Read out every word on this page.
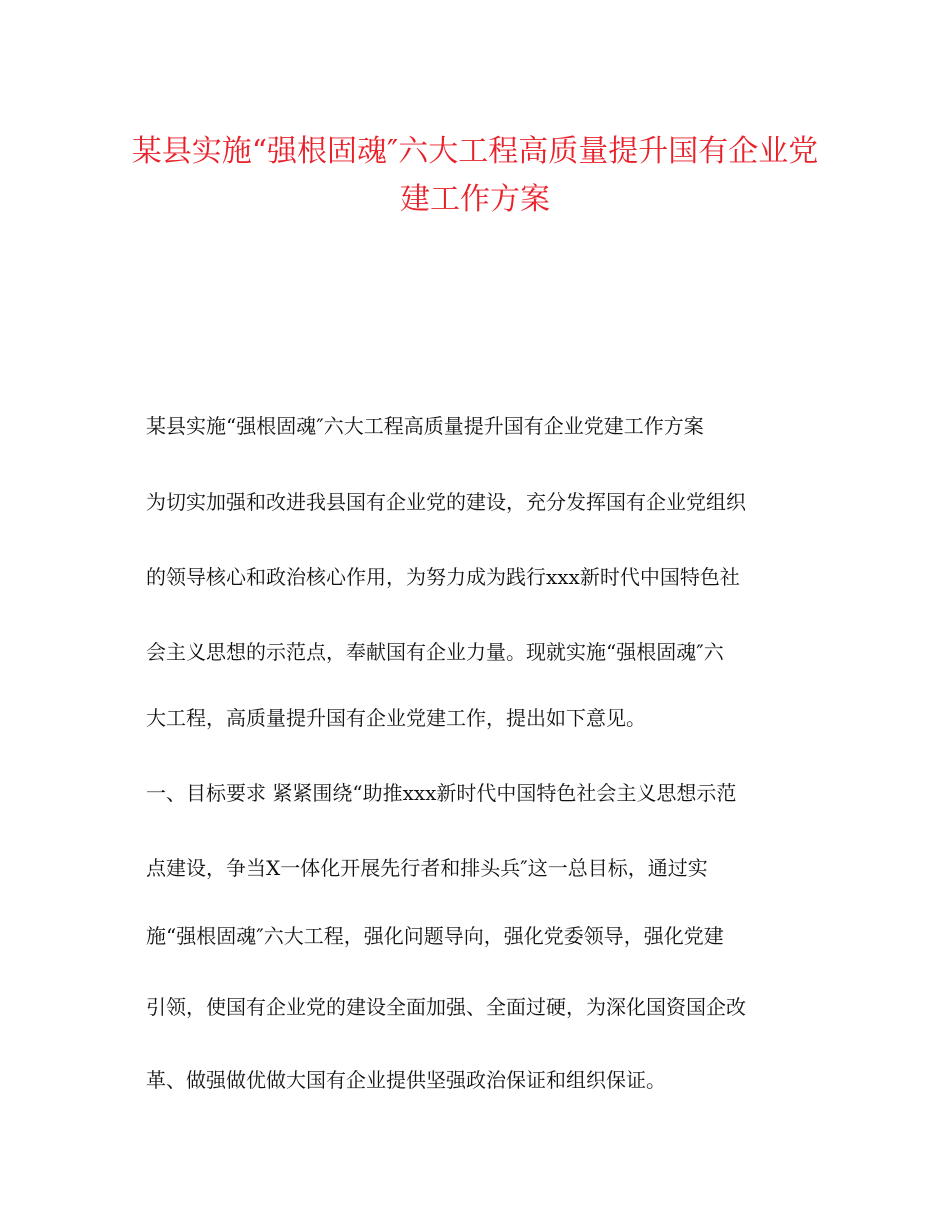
某县实施“强根固魂″六大工程高质量提升国有企业党
建工作方案
某县实施“强根固魂″六大工程高质量提升国有企业党建工作方案
为切实加强和改进我县国有企业党的建设，充分发挥国有企业党组织
的领导核心和政治核心作用，为努力成为践行xxx新时代中国特色社
会主义思想的示范点，奉献国有企业力量。现就实施“强根固魂″六
大工程，高质量提升国有企业党建工作，提出如下意见。
一、目标要求 紧紧围绕“助推xxx新时代中国特色社会主义思想示范
点建设，争当X一体化开展先行者和排头兵″这一总目标，通过实
施“强根固魂″六大工程，强化问题导向，强化党委领导，强化党建
引领，使国有企业党的建设全面加强、全面过硬，为深化国资国企改
革、做强做优做大国有企业提供坚强政治保证和组织保证。
